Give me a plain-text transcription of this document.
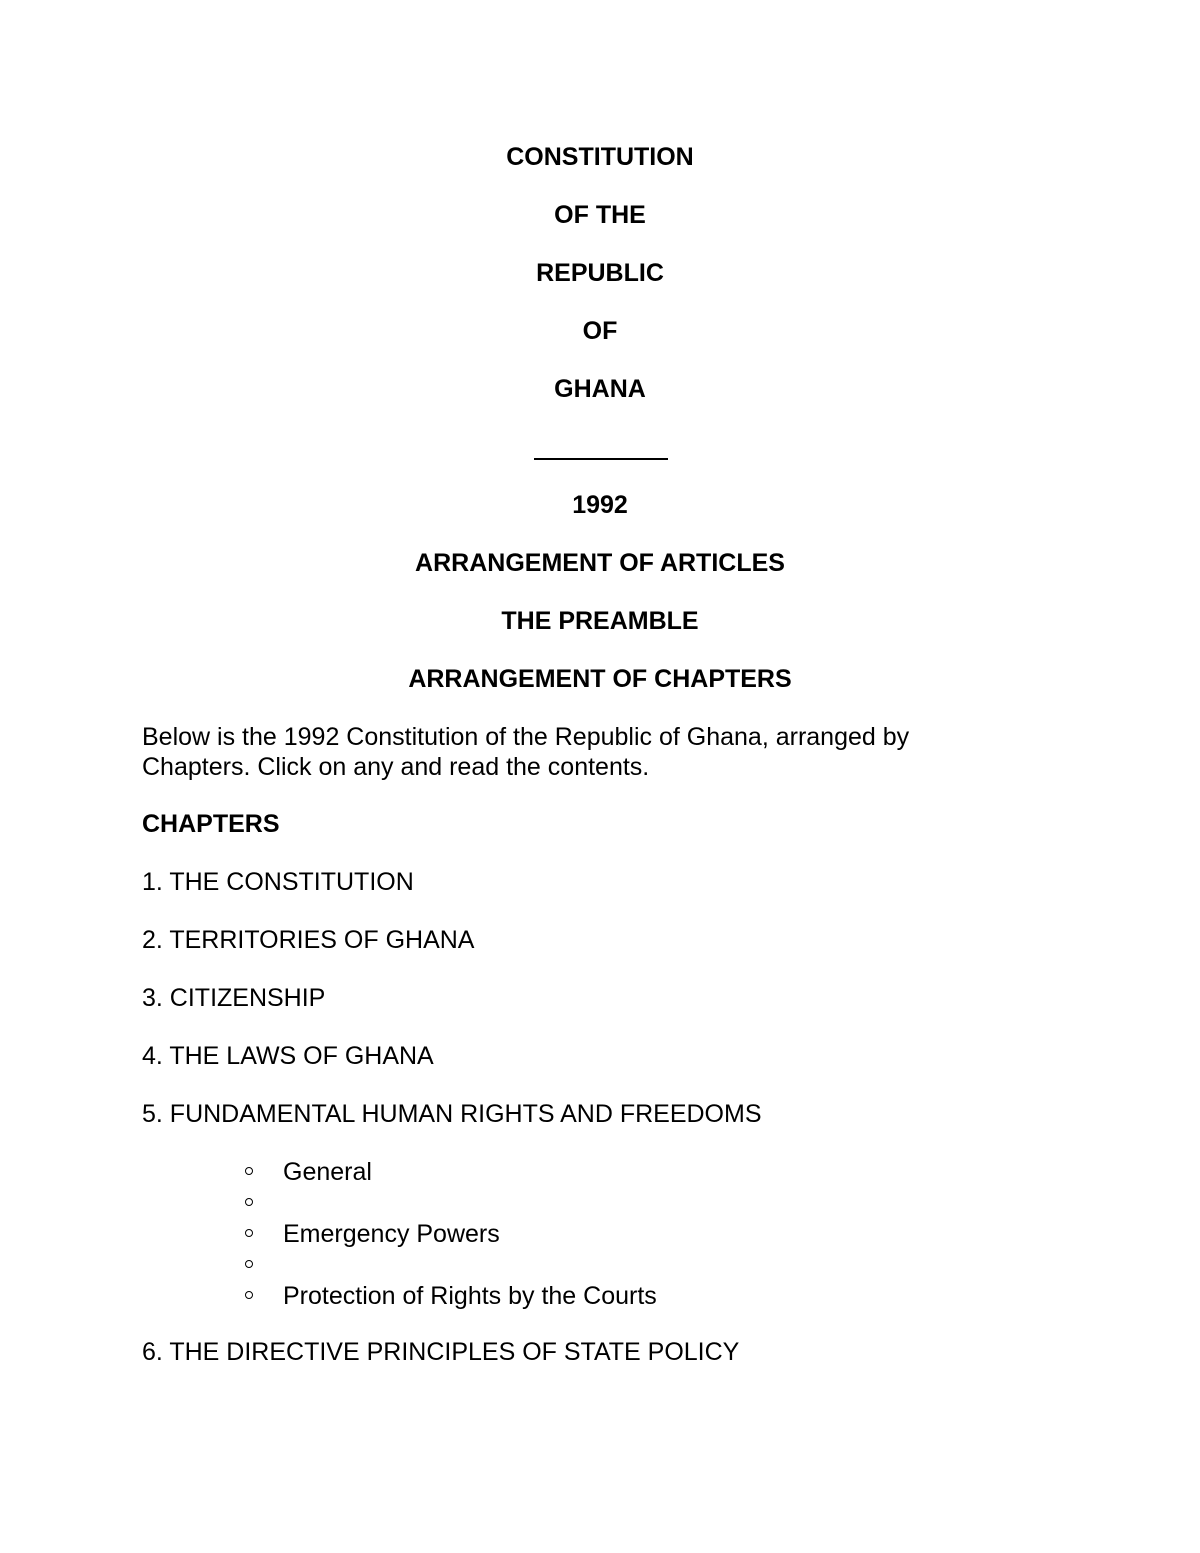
CONSTITUTION
OF THE
REPUBLIC
OF
GHANA
1992
ARRANGEMENT OF ARTICLES
THE PREAMBLE
ARRANGEMENT OF CHAPTERS
Below is the 1992 Constitution of the Republic of Ghana, arranged by
Chapters. Click on any and read the contents.
CHAPTERS
1. THE CONSTITUTION
2. TERRITORIES OF GHANA
3. CITIZENSHIP
4. THE LAWS OF GHANA
5. FUNDAMENTAL HUMAN RIGHTS AND FREEDOMS
General
Emergency Powers
Protection of Rights by the Courts
6. THE DIRECTIVE PRINCIPLES OF STATE POLICY
